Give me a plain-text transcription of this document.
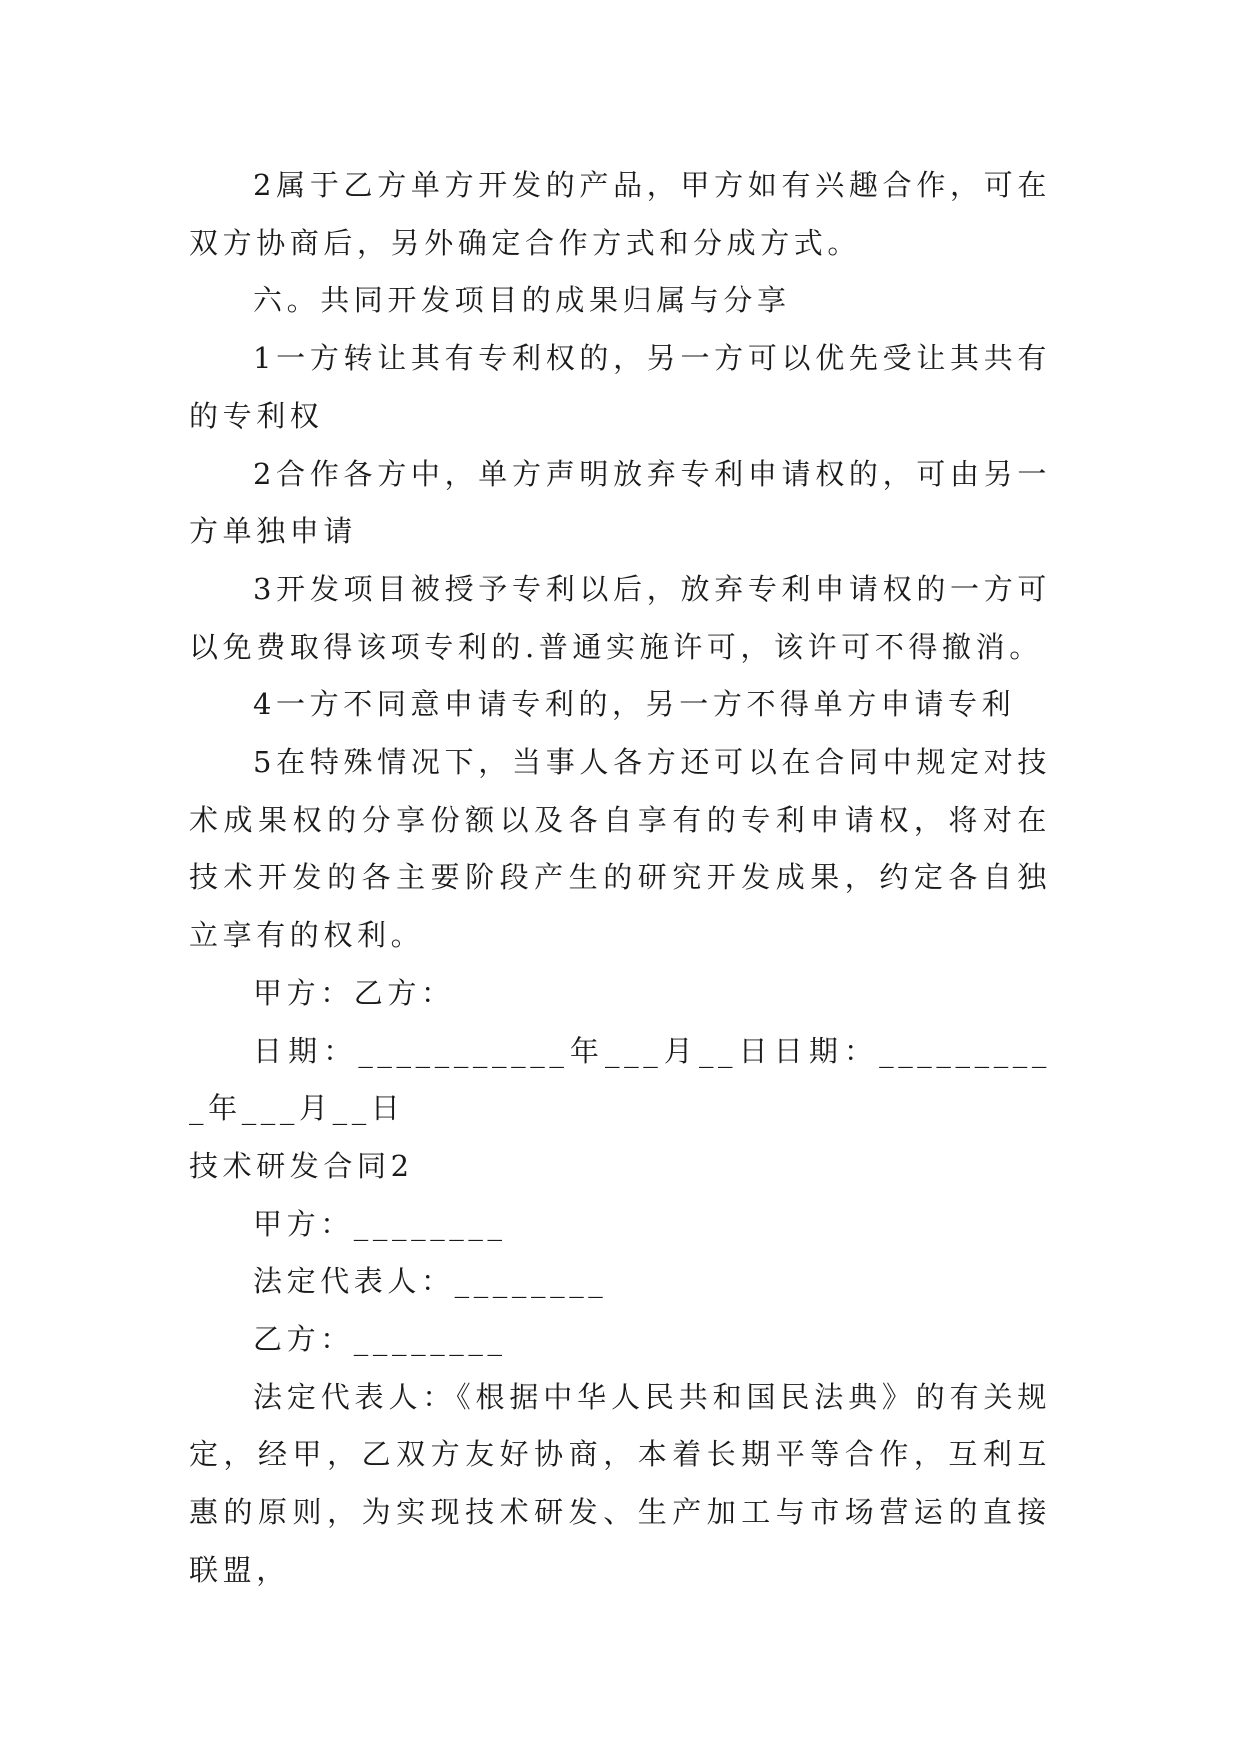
2属于乙方单方开发的产品，甲方如有兴趣合作，可在双方协商后，另外确定合作方式和分成方式。

六。共同开发项目的成果归属与分享

1一方转让其有专利权的，另一方可以优先受让其共有的专利权

2合作各方中，单方声明放弃专利申请权的，可由另一方单独申请

3开发项目被授予专利以后，放弃专利申请权的一方可以免费取得该项专利的.普通实施许可，该许可不得撤消。

4一方不同意申请专利的，另一方不得单方申请专利

5在特殊情况下，当事人各方还可以在合同中规定对技术成果权的分享份额以及各自享有的专利申请权，将对在技术开发的各主要阶段产生的研究开发成果，约定各自独立享有的权利。

甲方：乙方：

日期：___________年___月__日日期：__________年___月__日

技术研发合同2

甲方：________

法定代表人：________

乙方：________

法定代表人：《根据中华人民共和国民法典》的有关规定，经甲，乙双方友好协商，本着长期平等合作，互利互惠的原则，为实现技术研发、生产加工与市场营运的直接联盟，
